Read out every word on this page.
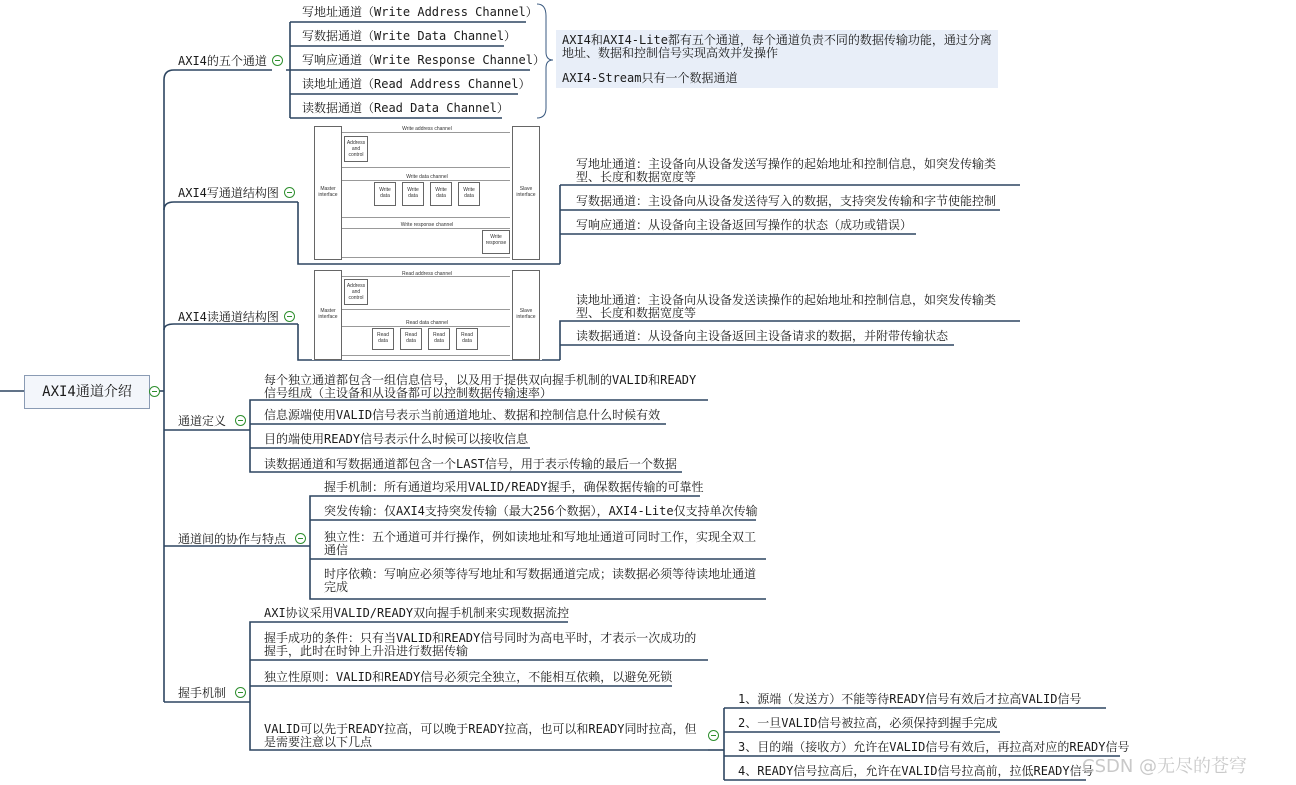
AXI4通道介绍
AXI4的五个通道
写地址通道（Write Address Channel）
写数据通道（Write Data Channel）
写响应通道（Write Response Channel）
读地址通道（Read Address Channel）
读数据通道（Read Data Channel）

AXI4和AXI4-Lite都有五个通道，每个通道负责不同的数据传输功能，通过分离地址、数据和控制信号实现高效并发操作

AXI4-Stream只有一个数据通道

AXI4写通道结构图	Master interface
Slave interface
Write address channel
Address and control
Write data channel
Write data
Write data
Write data
Write data
Write response channel
Write response
写地址通道：主设备向从设备发送写操作的起始地址和控制信息，如突发传输类型、长度和数据宽度等
写数据通道：主设备向从设备发送待写入的数据，支持突发传输和字节使能控制
写响应通道：从设备向主设备返回写操作的状态（成功或错误）
AXI4读通道结构图	Master interface
Slave interface
Read address channel
Address and control
Read data channel
Read data
Read data
Read data
Read data
读地址通道：主设备向从设备发送读操作的起始地址和控制信息，如突发传输类型、长度和数据宽度等
读数据通道：从设备向主设备返回主设备请求的数据，并附带传输状态
通道定义
每个独立通道都包含一组信息信号，以及用于提供双向握手机制的VALID和READY信号组成（主设备和从设备都可以控制数据传输速率）
信息源端使用VALID信号表示当前通道地址、数据和控制信息什么时候有效
目的端使用READY信号表示什么时候可以接收信息
读数据通道和写数据通道都包含一个LAST信号，用于表示传输的最后一个数据
通道间的协作与特点
握手机制：所有通道均采用VALID/READY握手，确保数据传输的可靠性
突发传输：仅AXI4支持突发传输（最大256个数据），AXI4-Lite仅支持单次传输
独立性：五个通道可并行操作，例如读地址和写地址通道可同时工作，实现全双工通信
时序依赖：写响应必须等待写地址和写数据通道完成；读数据必须等待读地址通道完成
握手机制
AXI协议采用VALID/READY双向握手机制来实现数据流控
握手成功的条件：只有当VALID和READY信号同时为高电平时，才表示一次成功的握手，此时在时钟上升沿进行数据传输
独立性原则：VALID和READY信号必须完全独立，不能相互依赖，以避免死锁
VALID可以先于READY拉高，可以晚于READY拉高，也可以和READY同时拉高，但是需要注意以下几点
1、源端（发送方）不能等待READY信号有效后才拉高VALID信号
2、一旦VALID信号被拉高，必须保持到握手完成
3、目的端（接收方）允许在VALID信号有效后，再拉高对应的READY信号
4、READY信号拉高后，允许在VALID信号拉高前，拉低READY信号
CSDN @无尽的苍穹
